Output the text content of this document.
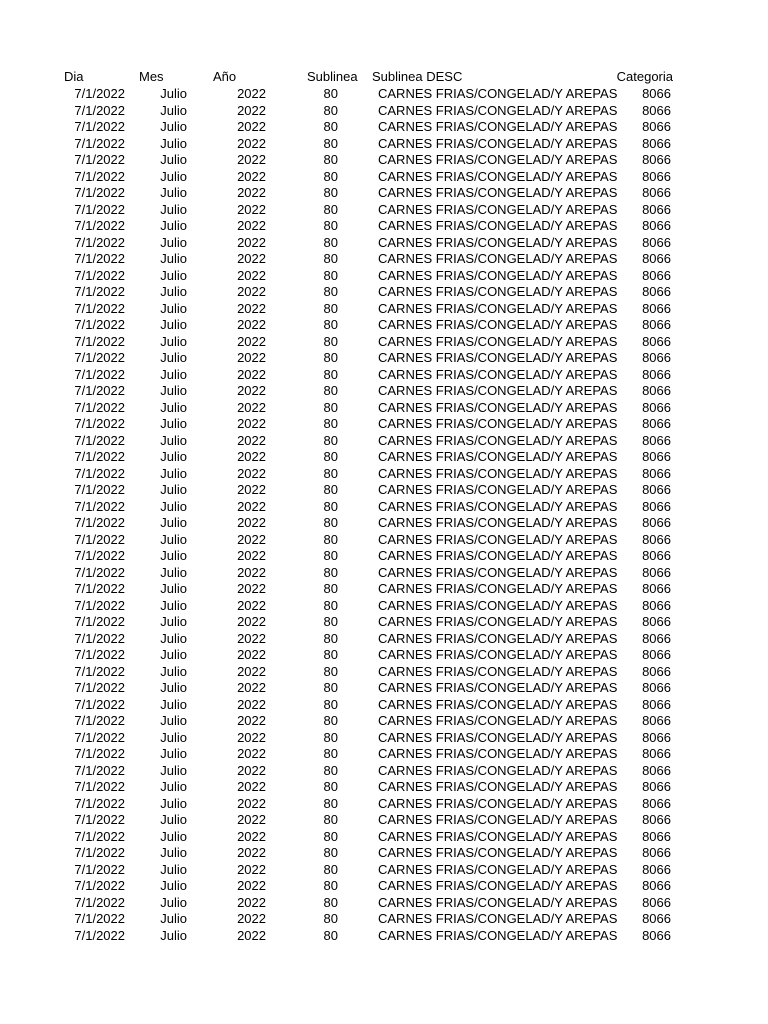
Dia	Mes	Año	Sublinea Sublinea DESC	Categoria
7/1/2022	Julio	2022	80	CARNES FRIAS/CONGELAD/Y AREPAS 8066
7/1/2022	Julio	2022	80	CARNES FRIAS/CONGELAD/Y AREPAS 8066
7/1/2022	Julio	2022	80	CARNES FRIAS/CONGELAD/Y AREPAS 8066
7/1/2022	Julio	2022	80	CARNES FRIAS/CONGELAD/Y AREPAS 8066
7/1/2022	Julio	2022	80	CARNES FRIAS/CONGELAD/Y AREPAS 8066
7/1/2022	Julio	2022	80	CARNES FRIAS/CONGELAD/Y AREPAS 8066
7/1/2022	Julio	2022	80	CARNES FRIAS/CONGELAD/Y AREPAS 8066
7/1/2022	Julio	2022	80	CARNES FRIAS/CONGELAD/Y AREPAS 8066
7/1/2022	Julio	2022	80	CARNES FRIAS/CONGELAD/Y AREPAS 8066
7/1/2022	Julio	2022	80	CARNES FRIAS/CONGELAD/Y AREPAS 8066
7/1/2022	Julio	2022	80	CARNES FRIAS/CONGELAD/Y AREPAS 8066
7/1/2022	Julio	2022	80	CARNES FRIAS/CONGELAD/Y AREPAS 8066
7/1/2022	Julio	2022	80	CARNES FRIAS/CONGELAD/Y AREPAS 8066
7/1/2022	Julio	2022	80	CARNES FRIAS/CONGELAD/Y AREPAS 8066
7/1/2022	Julio	2022	80	CARNES FRIAS/CONGELAD/Y AREPAS 8066
7/1/2022	Julio	2022	80	CARNES FRIAS/CONGELAD/Y AREPAS 8066
7/1/2022	Julio	2022	80	CARNES FRIAS/CONGELAD/Y AREPAS 8066
7/1/2022	Julio	2022	80	CARNES FRIAS/CONGELAD/Y AREPAS 8066
7/1/2022	Julio	2022	80	CARNES FRIAS/CONGELAD/Y AREPAS 8066
7/1/2022	Julio	2022	80	CARNES FRIAS/CONGELAD/Y AREPAS 8066
7/1/2022	Julio	2022	80	CARNES FRIAS/CONGELAD/Y AREPAS 8066
7/1/2022	Julio	2022	80	CARNES FRIAS/CONGELAD/Y AREPAS 8066
7/1/2022	Julio	2022	80	CARNES FRIAS/CONGELAD/Y AREPAS 8066
7/1/2022	Julio	2022	80	CARNES FRIAS/CONGELAD/Y AREPAS 8066
7/1/2022	Julio	2022	80	CARNES FRIAS/CONGELAD/Y AREPAS 8066
7/1/2022	Julio	2022	80	CARNES FRIAS/CONGELAD/Y AREPAS 8066
7/1/2022	Julio	2022	80	CARNES FRIAS/CONGELAD/Y AREPAS 8066
7/1/2022	Julio	2022	80	CARNES FRIAS/CONGELAD/Y AREPAS 8066
7/1/2022	Julio	2022	80	CARNES FRIAS/CONGELAD/Y AREPAS 8066
7/1/2022	Julio	2022	80	CARNES FRIAS/CONGELAD/Y AREPAS 8066
7/1/2022	Julio	2022	80	CARNES FRIAS/CONGELAD/Y AREPAS 8066
7/1/2022	Julio	2022	80	CARNES FRIAS/CONGELAD/Y AREPAS 8066
7/1/2022	Julio	2022	80	CARNES FRIAS/CONGELAD/Y AREPAS 8066
7/1/2022	Julio	2022	80	CARNES FRIAS/CONGELAD/Y AREPAS 8066
7/1/2022	Julio	2022	80	CARNES FRIAS/CONGELAD/Y AREPAS 8066
7/1/2022	Julio	2022	80	CARNES FRIAS/CONGELAD/Y AREPAS 8066
7/1/2022	Julio	2022	80	CARNES FRIAS/CONGELAD/Y AREPAS 8066
7/1/2022	Julio	2022	80	CARNES FRIAS/CONGELAD/Y AREPAS 8066
7/1/2022	Julio	2022	80	CARNES FRIAS/CONGELAD/Y AREPAS 8066
7/1/2022	Julio	2022	80	CARNES FRIAS/CONGELAD/Y AREPAS 8066
7/1/2022	Julio	2022	80	CARNES FRIAS/CONGELAD/Y AREPAS 8066
7/1/2022	Julio	2022	80	CARNES FRIAS/CONGELAD/Y AREPAS 8066
7/1/2022	Julio	2022	80	CARNES FRIAS/CONGELAD/Y AREPAS 8066
7/1/2022	Julio	2022	80	CARNES FRIAS/CONGELAD/Y AREPAS 8066
7/1/2022	Julio	2022	80	CARNES FRIAS/CONGELAD/Y AREPAS 8066
7/1/2022	Julio	2022	80	CARNES FRIAS/CONGELAD/Y AREPAS 8066
7/1/2022	Julio	2022	80	CARNES FRIAS/CONGELAD/Y AREPAS 8066
7/1/2022	Julio	2022	80	CARNES FRIAS/CONGELAD/Y AREPAS 8066
7/1/2022	Julio	2022	80	CARNES FRIAS/CONGELAD/Y AREPAS 8066
7/1/2022	Julio	2022	80	CARNES FRIAS/CONGELAD/Y AREPAS 8066
7/1/2022	Julio	2022	80	CARNES FRIAS/CONGELAD/Y AREPAS 8066
7/1/2022	Julio	2022	80	CARNES FRIAS/CONGELAD/Y AREPAS 8066
